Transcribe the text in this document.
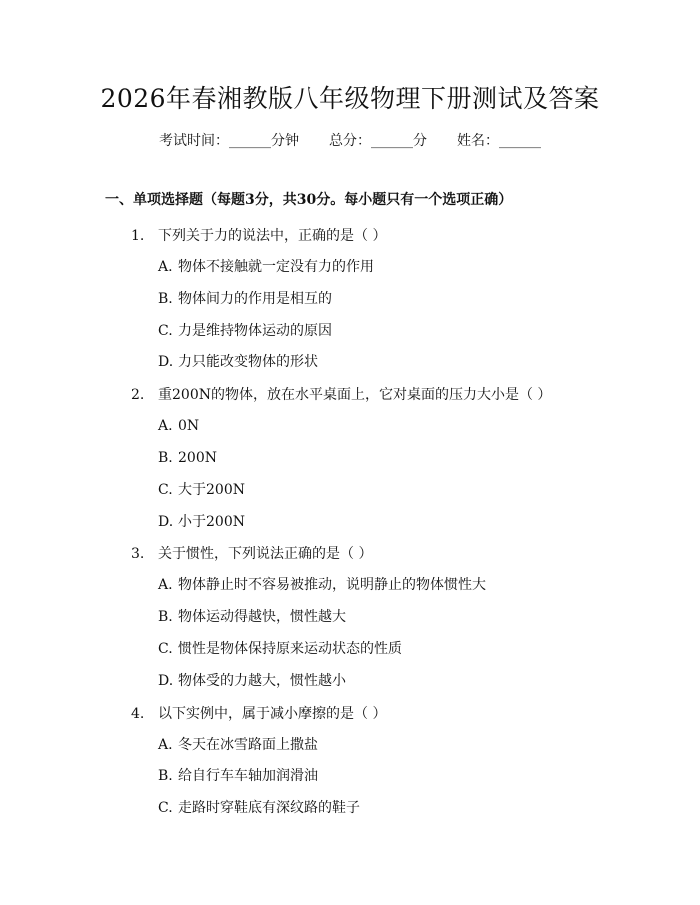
2026年春湘教版八年级物理下册测试及答案
考试时间：______分钟 总分：______分 姓名：______
一、单项选择题（每题3分，共30分。每小题只有一个选项正确）
1. 下列关于力的说法中，正确的是（ ）
A. 物体不接触就一定没有力的作用
B. 物体间力的作用是相互的
C. 力是维持物体运动的原因
D. 力只能改变物体的形状
2. 重200N的物体，放在水平桌面上，它对桌面的压力大小是（ ）
A. 0N
B. 200N
C. 大于200N
D. 小于200N
3. 关于惯性，下列说法正确的是（ ）
A. 物体静止时不容易被推动，说明静止的物体惯性大
B. 物体运动得越快，惯性越大
C. 惯性是物体保持原来运动状态的性质
D. 物体受的力越大，惯性越小
4. 以下实例中，属于减小摩擦的是（ ）
A. 冬天在冰雪路面上撒盐
B. 给自行车车轴加润滑油
C. 走路时穿鞋底有深纹路的鞋子
